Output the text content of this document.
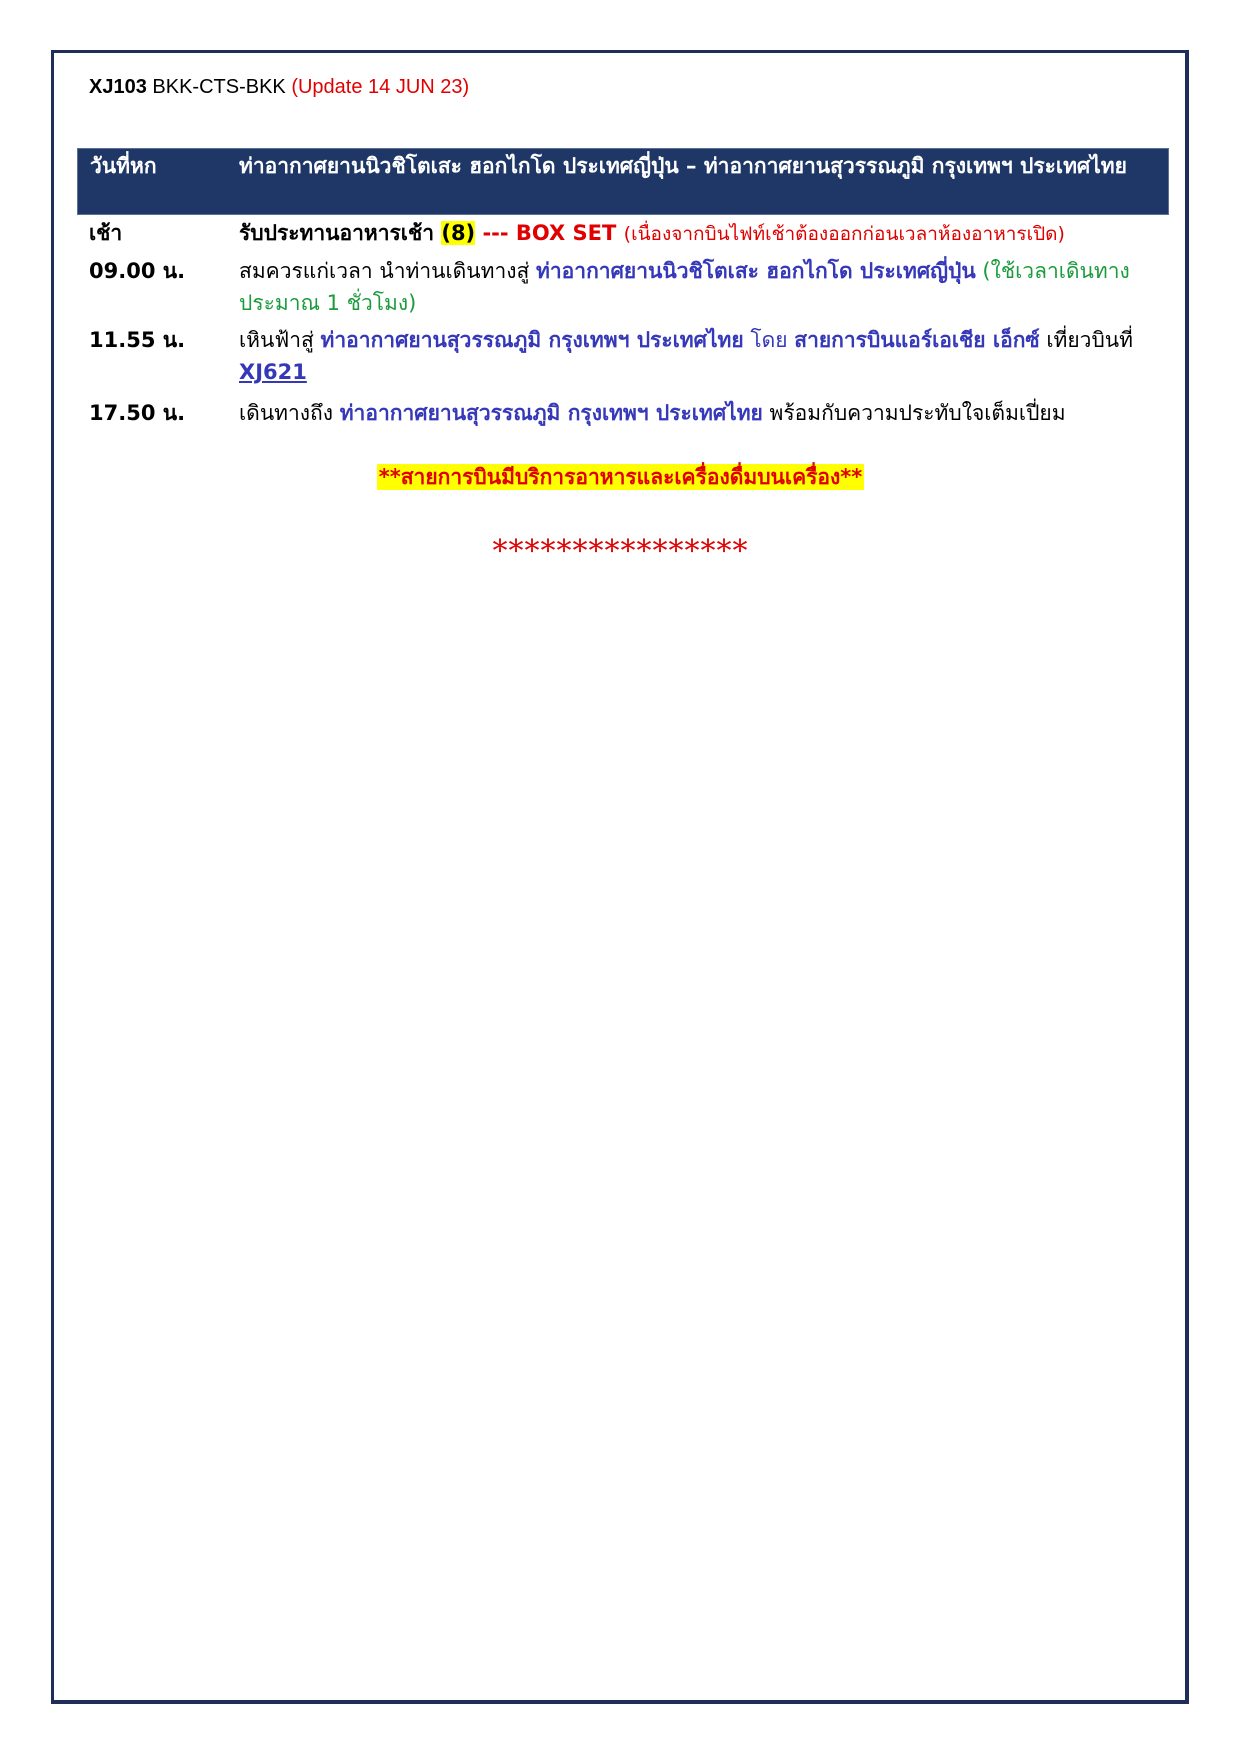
XJ103 BKK-CTS-BKK (Update 14 JUN 23)
วันที่หก	ท่าอากาศยานนิวชิโตเสะ ฮอกไกโด ประเทศญี่ปุ่น – ท่าอากาศยานสุวรรณภูมิ กรุงเทพฯ ประเทศไทย
เช้า	รับประทานอาหารเช้า (8) --- BOX SET (เนื่องจากบินไฟท์เช้าต้องออกก่อนเวลาห้องอาหารเปิด)
09.00 น.	สมควรแก่เวลา นำท่านเดินทางสู่ ท่าอากาศยานนิวชิโตเสะ ฮอกไกโด ประเทศญี่ปุ่น (ใช้เวลาเดินทางประมาณ 1 ชั่วโมง)
11.55 น.	เหินฟ้าสู่ ท่าอากาศยานสุวรรณภูมิ กรุงเทพฯ ประเทศไทย โดย สายการบินแอร์เอเชีย เอ็กซ์ เที่ยวบินที่ XJ621
17.50 น.	เดินทางถึง ท่าอากาศยานสุวรรณภูมิ กรุงเทพฯ ประเทศไทย พร้อมกับความประทับใจเต็มเปี่ยม
**สายการบินมีบริการอาหารและเครื่องดื่มบนเครื่อง**
****************
